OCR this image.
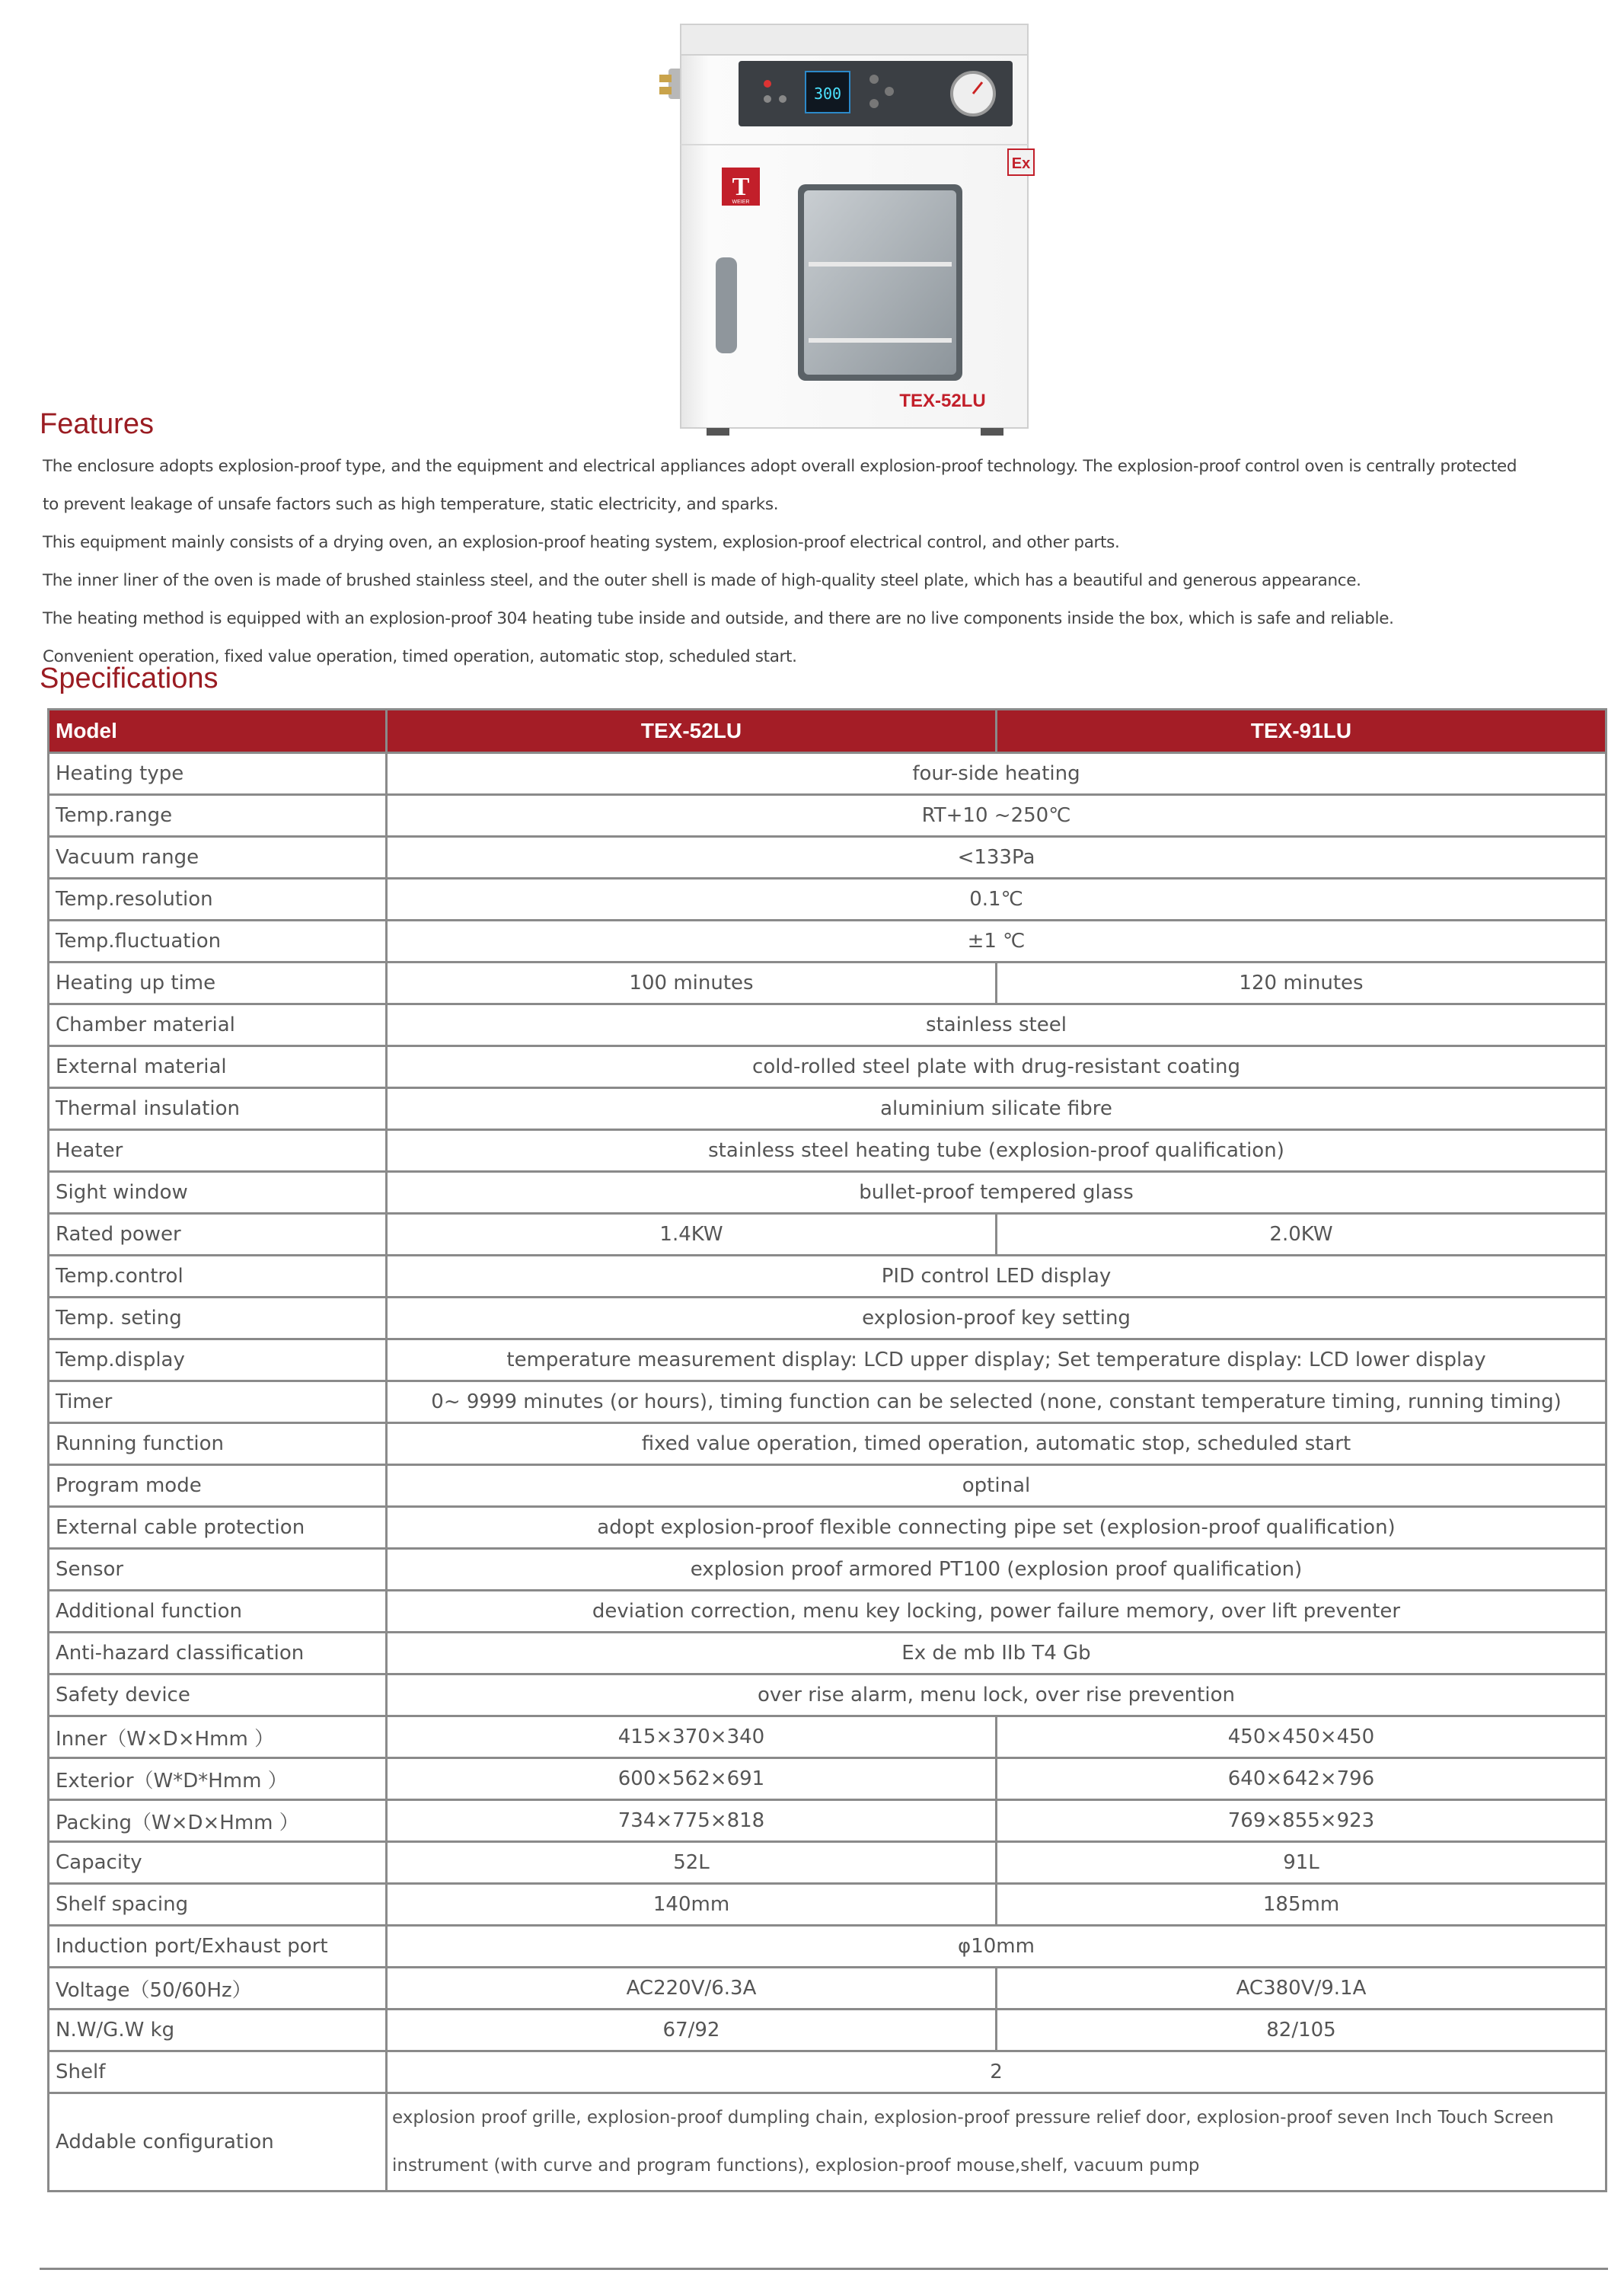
300
T
WEIER
Ex
TEX-52LU
Features
The enclosure adopts explosion-proof type, and the equipment and electrical appliances adopt overall explosion-proof technology. The explosion-proof control oven is centrally protected
to prevent leakage of unsafe factors such as high temperature, static electricity, and sparks.
This equipment mainly consists of a drying oven, an explosion-proof heating system, explosion-proof electrical control, and other parts.
The inner liner of the oven is made of brushed stainless steel, and the outer shell is made of high-quality steel plate, which has a beautiful and generous appearance.
The heating method is equipped with an explosion-proof 304 heating tube inside and outside, and there are no live components inside the box, which is safe and reliable.
Convenient operation, fixed value operation, timed operation, automatic stop, scheduled start.
Specifications
Model	TEX-52LU	TEX-91LU
Heating type	four-side heating	
Temp.range	RT+10 ~250℃	
Vacuum range	<133Pa	
Temp.resolution	0.1℃	
Temp.fluctuation	±1 ℃	
Heating up time	100 minutes	120 minutes
Chamber material	stainless steel	
External material	cold-rolled steel plate with drug-resistant coating	
Thermal insulation	aluminium silicate fibre	
Heater	stainless steel heating tube (explosion-proof qualification)	
Sight window	bullet-proof tempered glass	
Rated power	1.4KW	2.0KW
Temp.control	PID control LED display	
Temp. seting	explosion-proof key setting	
Temp.display	temperature measurement display: LCD upper display; Set temperature display: LCD lower display	
Timer	0~ 9999 minutes (or hours), timing function can be selected (none, constant temperature timing, running timing)	
Running function	fixed value operation, timed operation, automatic stop, scheduled start	
Program mode	optinal	
External cable protection	adopt explosion-proof flexible connecting pipe set (explosion-proof qualification)	
Sensor	explosion proof armored PT100 (explosion proof qualification)	
Additional function	deviation correction, menu key locking, power failure memory, over lift preventer	
Anti-hazard classification	Ex de mb IIb T4 Gb	
Safety device	over rise alarm, menu lock, over rise prevention	
Inner（W×D×Hmm ）	415×370×340	450×450×450
Exterior（W*D*Hmm ）	600×562×691	640×642×796
Packing（W×D×Hmm ）	734×775×818	769×855×923
Capacity	52L	91L
Shelf spacing	140mm	185mm
Induction port/Exhaust port	φ10mm	
Voltage（50/60Hz）	AC220V/6.3A	AC380V/9.1A
N.W/G.W kg	67/92	82/105
Shelf	2	
Addable configuration	explosion proof grille, explosion-proof dumpling chain, explosion-proof pressure relief door, explosion-proof seven Inch Touch Screen instrument (with curve and program functions), explosion-proof mouse,shelf, vacuum pump	
